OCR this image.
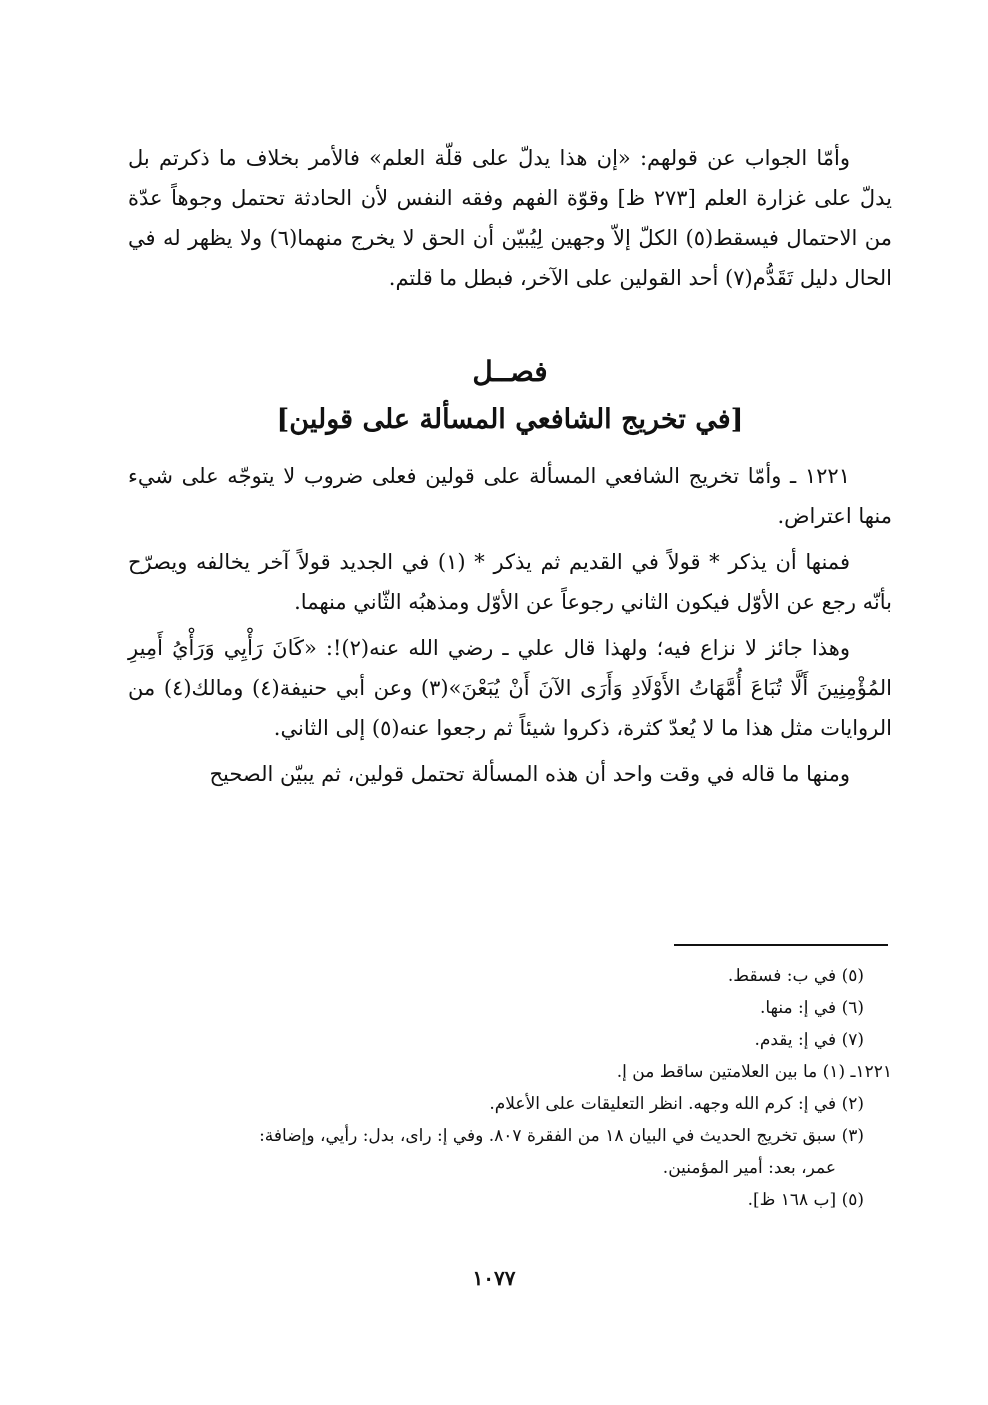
وأمّا الجواب عن قولهم: «إن هذا يدلّ على قلّة العلم» فالأمر بخلاف ما ذكرتم بل يدلّ على غزارة العلم [٢٧٣ ظ] وقوّة الفهم وفقه النفس لأن الحادثة تحتمل وجوهاً عدّة من الاحتمال فيسقط(٥) الكلّ إلاّ وجهين لِيُبيّن أن الحق لا يخرج منهما(٦) ولا يظهر له في الحال دليل تَقَدُّم(٧) أحد القولين على الآخر، فبطل ما قلتم.

فصــل
[في تخريج الشافعي المسألة على قولين]

١٢٢١ ـ وأمّا تخريج الشافعي المسألة على قولين فعلى ضروب لا يتوجّه على شيء منها اعتراض.

فمنها أن يذكر * قولاً في القديم ثم يذكر * (١) في الجديد قولاً آخر يخالفه ويصرّح بأنّه رجع عن الأوّل فيكون الثاني رجوعاً عن الأوّل ومذهبُه الثّاني منهما.

وهذا جائز لا نزاع فيه؛ ولهذا قال علي ـ رضي الله عنه(٢)!: «كَانَ رَأْيِي وَرَأْيُ أَمِيرِ المُؤْمِنِينَ أَلَّا تُبَاعَ أُمَّهَاتُ الأَوْلَادِ وَأَرَى الآنَ أَنْ يُبَعْنَ»(٣) وعن أبي حنيفة(٤) ومالك(٤) من الروايات مثل هذا ما لا يُعدّ كثرة، ذكروا شيئاً ثم رجعوا عنه(٥) إلى الثاني.

ومنها ما قاله في وقت واحد أن هذه المسألة تحتمل قولين، ثم يبيّن الصحيح

(٥) في ب: فسقط.

(٦) في إ: منها.

(٧) في إ: يقدم.

١٢٢١ـ (١) ما بين العلامتين ساقط من إ.

(٢) في إ: كرم الله وجهه. انظر التعليقات على الأعلام.

(٣) سبق تخريج الحديث في البيان ١٨ من الفقرة ٨٠٧. وفي إ: راى، بدل: رأيي، وإضافة:

عمر، بعد: أمير المؤمنين.

(٥) [ب ١٦٨ ظ].

١٠٧٧
